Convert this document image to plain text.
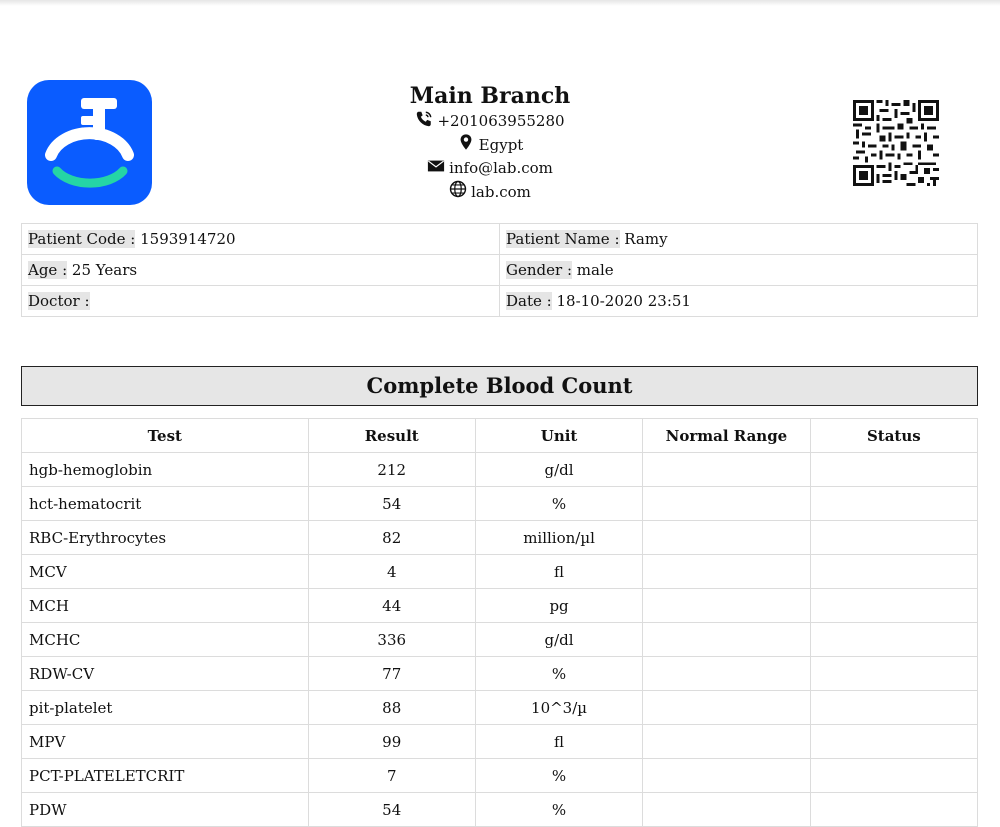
Main Branch
+201063955280
Egypt
info@lab.com
lab.com
Patient Code : 1593914720	Patient Name : Ramy
Age : 25 Years	Gender : male
Doctor :	Date : 18-10-2020 23:51
Complete Blood Count
Test	Result	Unit	Normal Range	Status
hgb-hemoglobin	212	g/dl		
hct-hematocrit	54	%		
RBC-Erythrocytes	82	million/µl		
MCV	4	fl		
MCH	44	pg		
MCHC	336	g/dl		
RDW-CV	77	%		
pit-platelet	88	10^3/µ		
MPV	99	fl		
PCT-PLATELETCRIT	7	%		
PDW	54	%		
